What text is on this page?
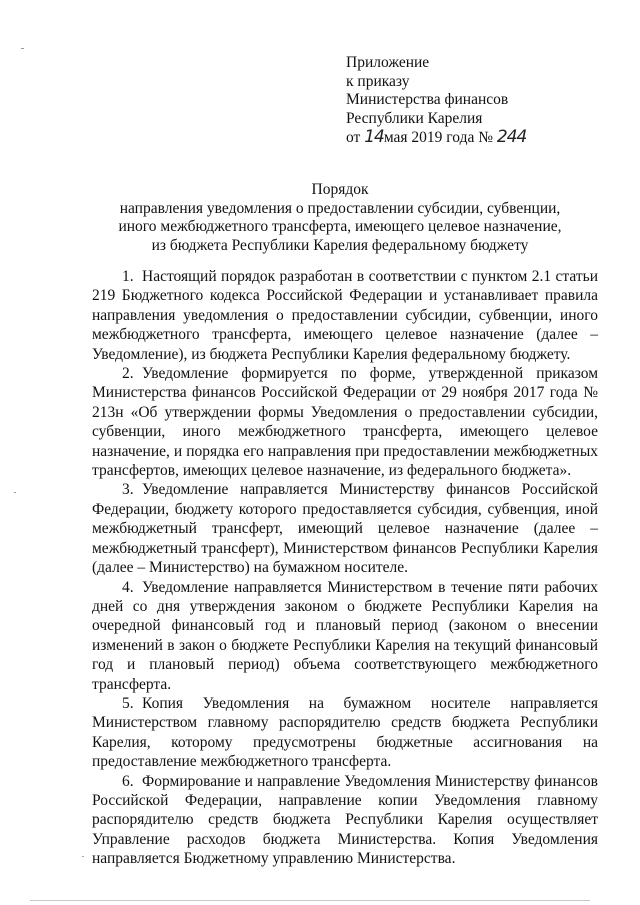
Приложение
к приказу
Министерства финансов
Республики Карелия
от 14мая 2019 года № 244
Порядок
направления уведомления о предоставлении субсидии, субвенции,
иного межбюджетного трансферта, имеющего целевое назначение,
из бюджета Республики Карелия федеральному бюджету

1. Настоящий порядок разработан в соответствии с пунктом 2.1 статьи 219 Бюджетного кодекса Российской Федерации и устанавливает правила направления уведомления о предоставлении субсидии, субвенции, иного межбюджетного трансферта, имеющего целевое назначение (далее – Уведомление), из бюджета Республики Карелия федеральному бюджету.

2. Уведомление формируется по форме, утвержденной приказом Министерства финансов Российской Федерации от 29 ноября 2017 года № 213н «Об утверждении формы Уведомления о предоставлении субсидии, субвенции, иного межбюджетного трансферта, имеющего целевое назначение, и порядка его направления при предоставлении межбюджетных трансфертов, имеющих целевое назначение, из федерального бюджета».

3. Уведомление направляется Министерству финансов Российской Федерации, бюджету которого предоставляется субсидия, субвенция, иной межбюджетный трансферт, имеющий целевое назначение (далее – межбюджетный трансферт), Министерством финансов Республики Карелия (далее – Министерство) на бумажном носителе.

4. Уведомление направляется Министерством в течение пяти рабочих дней со дня утверждения законом о бюджете Республики Карелия на очередной финансовый год и плановый период (законом о внесении изменений в закон о бюджете Республики Карелия на текущий финансовый год и плановый период) объема соответствующего межбюджетного трансферта.

5. Копия Уведомления на бумажном носителе направляется Министерством главному распорядителю средств бюджета Республики Карелия, которому предусмотрены бюджетные ассигнования на предоставление межбюджетного трансферта.

6. Формирование и направление Уведомления Министерству финансов Российской Федерации, направление копии Уведомления главному распорядителю средств бюджета Республики Карелия осуществляет Управление расходов бюджета Министерства. Копия Уведомления направляется Бюджетному управлению Министерства.
